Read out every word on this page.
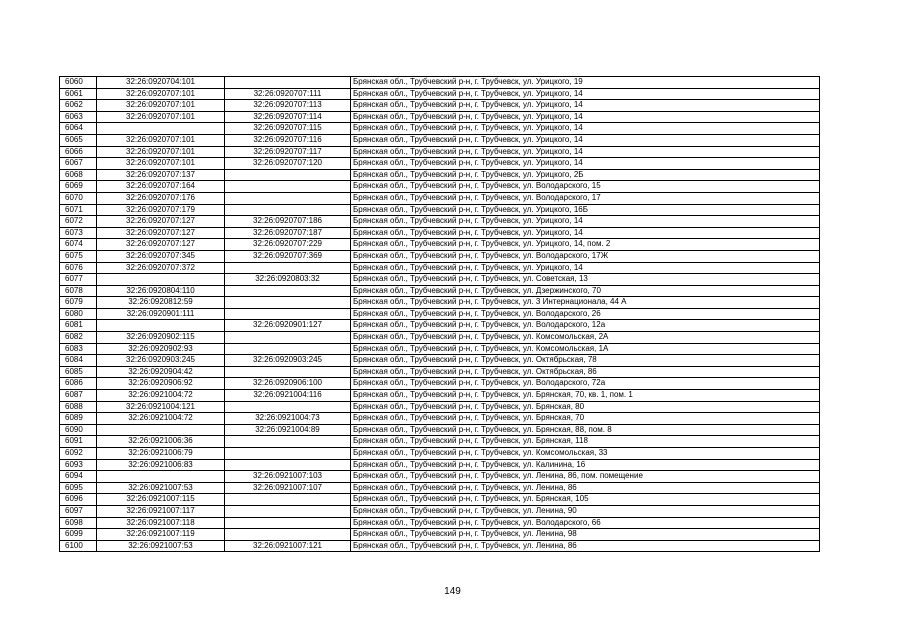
6060	32:26:0920704:101		Брянская обл., Трубчевский р-н, г. Трубчевск, ул. Урицкого, 19
6061	32:26:0920707:101	32:26:0920707:111	Брянская обл., Трубчевский р-н, г. Трубчевск, ул. Урицкого, 14
6062	32:26:0920707:101	32:26:0920707:113	Брянская обл., Трубчевский р-н, г. Трубчевск, ул. Урицкого, 14
6063	32:26:0920707:101	32:26:0920707:114	Брянская обл., Трубчевский р-н, г. Трубчевск, ул. Урицкого, 14
6064		32:26:0920707:115	Брянская обл., Трубчевский р-н, г. Трубчевск, ул. Урицкого, 14
6065	32:26:0920707:101	32:26:0920707:116	Брянская обл., Трубчевский р-н, г. Трубчевск, ул. Урицкого, 14
6066	32:26:0920707:101	32:26:0920707:117	Брянская обл., Трубчевский р-н, г. Трубчевск, ул. Урицкого, 14
6067	32:26:0920707:101	32:26:0920707:120	Брянская обл., Трубчевский р-н, г. Трубчевск, ул. Урицкого, 14
6068	32:26:0920707:137		Брянская обл., Трубчевский р-н, г. Трубчевск, ул. Урицкого, 2Б
6069	32:26:0920707:164		Брянская обл., Трубчевский р-н, г. Трубчевск, ул. Володарского, 15
6070	32:26:0920707:176		Брянская обл., Трубчевский р-н, г. Трубчевск, ул. Володарского, 17
6071	32:26:0920707:179		Брянская обл., Трубчевский р-н, г. Трубчевск, ул. Урицкого, 16Б
6072	32:26:0920707:127	32:26:0920707:186	Брянская обл., Трубчевский р-н, г. Трубчевск, ул. Урицкого, 14
6073	32:26:0920707:127	32:26:0920707:187	Брянская обл., Трубчевский р-н, г. Трубчевск, ул. Урицкого, 14
6074	32:26:0920707:127	32:26:0920707:229	Брянская обл., Трубчевский р-н, г. Трубчевск, ул. Урицкого, 14, пом. 2
6075	32:26:0920707:345	32:26:0920707:369	Брянская обл., Трубчевский р-н, г. Трубчевск, ул. Володарского, 17Ж
6076	32:26:0920707:372		Брянская обл., Трубчевский р-н, г. Трубчевск, ул. Урицкого, 14
6077		32:26:0920803:32	Брянская обл., Трубчевский р-н, г. Трубчевск, ул. Советская, 13
6078	32:26:0920804:110		Брянская обл., Трубчевский р-н, г. Трубчевск, ул. Дзержинского, 70
6079	32:26:0920812:59		Брянская обл., Трубчевский р-н, г. Трубчевск, ул. 3 Интернационала, 44 А
6080	32:26:0920901:111		Брянская обл., Трубчевский р-н, г. Трубчевск, ул. Володарского, 26
6081		32:26:0920901:127	Брянская обл., Трубчевский р-н, г. Трубчевск, ул. Володарского, 12а
6082	32:26:0920902:115		Брянская обл., Трубчевский р-н, г. Трубчевск, ул. Комсомольская, 2А
6083	32:26:0920902:93		Брянская обл., Трубчевский р-н, г. Трубчевск, ул. Комсомольская, 1А
6084	32:26:0920903:245	32:26:0920903:245	Брянская обл., Трубчевский р-н, г. Трубчевск, ул. Октябрьская, 78
6085	32:26:0920904:42		Брянская обл., Трубчевский р-н, г. Трубчевск, ул. Октябрьская, 86
6086	32:26:0920906:92	32:26:0920906:100	Брянская обл., Трубчевский р-н, г. Трубчевск, ул. Володарского, 72а
6087	32:26:0921004:72	32:26:0921004:116	Брянская обл., Трубчевский р-н, г. Трубчевск, ул. Брянская, 70, кв. 1, пом. 1
6088	32:26:0921004:121		Брянская обл., Трубчевский р-н, г. Трубчевск, ул. Брянская, 80
6089	32:26:0921004:72	32:26:0921004:73	Брянская обл., Трубчевский р-н, г. Трубчевск, ул. Брянская, 70
6090		32:26:0921004:89	Брянская обл., Трубчевский р-н, г. Трубчевск, ул. Брянская, 88, пом. 8
6091	32:26:0921006:36		Брянская обл., Трубчевский р-н, г. Трубчевск, ул. Брянская, 118
6092	32:26:0921006:79		Брянская обл., Трубчевский р-н, г. Трубчевск, ул. Комсомольская, 33
6093	32:26:0921006:83		Брянская обл., Трубчевский р-н, г. Трубчевск, ул. Калинина, 16
6094		32:26:0921007:103	Брянская обл., Трубчевский р-н, г. Трубчевск, ул. Ленина, 86, пом. помещение
6095	32:26:0921007:53	32:26:0921007:107	Брянская обл., Трубчевский р-н, г. Трубчевск, ул. Ленина, 86
6096	32:26:0921007:115		Брянская обл., Трубчевский р-н, г. Трубчевск, ул. Брянская, 105
6097	32:26:0921007:117		Брянская обл., Трубчевский р-н, г. Трубчевск, ул. Ленина, 90
6098	32:26:0921007:118		Брянская обл., Трубчевский р-н, г. Трубчевск, ул. Володарского, 66
6099	32:26:0921007:119		Брянская обл., Трубчевский р-н, г. Трубчевск, ул. Ленина, 98
6100	32:26:0921007:53	32:26:0921007:121	Брянская обл., Трубчевский р-н, г. Трубчевск, ул. Ленина, 86
149
